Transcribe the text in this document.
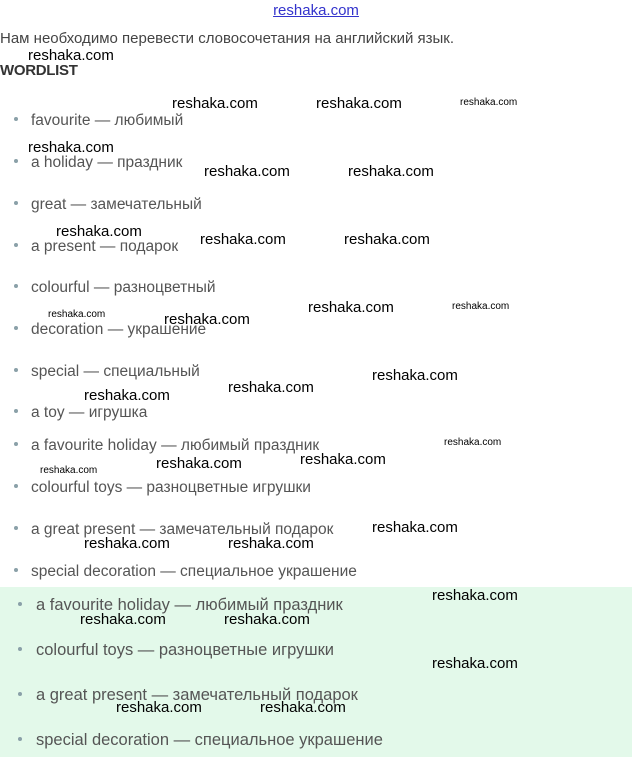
reshaka.com
Нам необходимо перевести словосочетания на английский язык.
WORDLIST
favourite — любимый
a holiday — праздник
great — замечательный
a present — подарок
colourful — разноцветный
decoration — украшение
special — специальный
a toy — игрушка
a favourite holiday — любимый праздник
colourful toys — разноцветные игрушки
a great present — замечательный подарок
special decoration — специальное украшение
a favourite holiday — любимый праздник
colourful toys — разноцветные игрушки
a great present — замечательный подарок
special decoration — специальное украшение
reshaka.com
reshaka.com	reshaka.com	reshaka.com
reshaka.com
reshaka.com	reshaka.com
reshaka.com	reshaka.com	reshaka.com
reshaka.com	reshaka.com
reshaka.com	reshaka.com
reshaka.com
reshaka.com
reshaka.com
reshaka.com
reshaka.com
reshaka.com
reshaka.com
reshaka.com
reshaka.com	reshaka.com
reshaka.com
reshaka.com	reshaka.com
reshaka.com
reshaka.com	reshaka.com
